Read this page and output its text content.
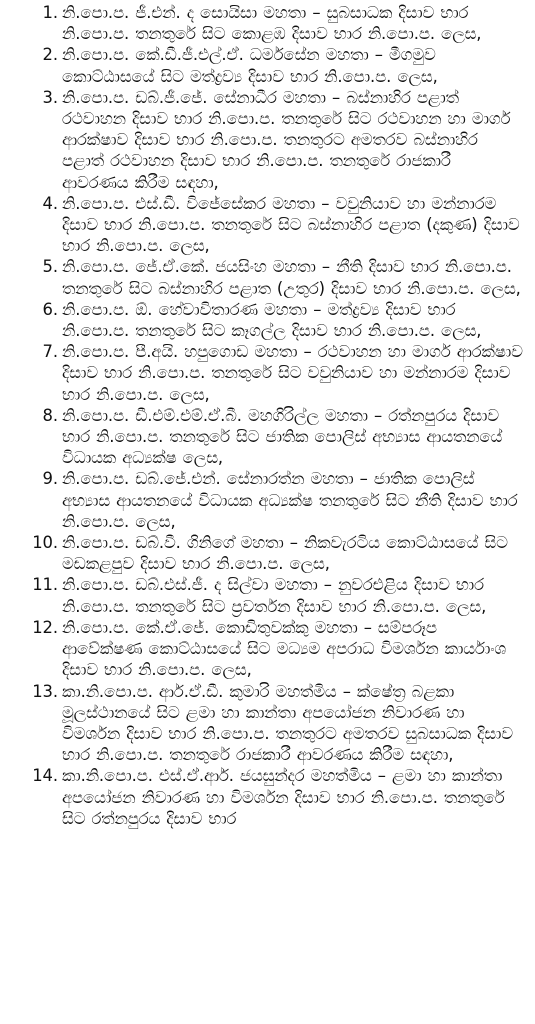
1. නි.පො.ප. ජී.එන්. ද සොයිසා මහතා – සුබසාධක දිසාව භාර නි.පො.ප. තනතුරේ සිට කොළඹ දිසාව භාර නි.පො.ප. ලෙස,
2. නි.පො.ප. කේ.ඩී.ජී.එල්.ඒ. ධර්මසේන මහතා – මීගමුව කොට්ඨාසයේ සිට මත්ද්‍රව්‍ය දිසාව භාර නි.පො.ප. ලෙස,
3. නි.පො.ප. ඩබ්.ජී.ජේ. සේනාධීර මහතා – බස්නාහිර පළාත් රථවාහන දිසාව භාර නි.පො.ප. තනතුරේ සිට රථවාහන හා මාර්ග ආරක්ෂාව දිසාව භාර නි.පො.ප. තනතුරට අමතරව බස්නාහිර පළාත් රථවාහන දිසාව භාර නි.පො.ප. තනතුරේ රාජකාරී ආවරණය කිරීම සඳහා,
4. නි.පො.ප. එස්.ඩී. විජේසේකර මහතා – වවුනියාව හා මන්නාරම දිසාව භාර නි.පො.ප. තනතුරේ සිට බස්නාහිර පළාත (දකුණ) දිසාව භාර නි.පො.ප. ලෙස,
5. නි.පො.ප. ජේ.ඒ.කේ. ජයසිංහ මහතා – නීති දිසාව භාර නි.පො.ප. තනතුරේ සිට බස්නාහිර පළාත (උතුර) දිසාව භාර නි.පො.ප. ලෙස,
6. නි.පො.ප. ඕ. හේවාවිතාරණ මහතා – මත්ද්‍රව්‍ය දිසාව භාර නි.පො.ප. තනතුරේ සිට කෑගල්ල දිසාව භාර නි.පො.ප. ලෙස,
7. නි.පො.ප. පී.අයි. හපුගොඩ මහතා – රථවාහන හා මාර්ග ආරක්ෂාව දිසාව භාර නි.පො.ප. තනතුරේ සිට වවුනියාව හා මන්නාරම දිසාව භාර නි.පො.ප. ලෙස,
8. නි.පො.ප. ඩී.එම්.එම්.ඒ.බී. මහගිරිල්ල මහතා – රත්නපුරය දිසාව භාර නි.පො.ප. තනතුරේ සිට ජාතික පොලිස් අභ්‍යාස ආයතනයේ විධායක අධ්‍යක්ෂ ලෙස,
9. නි.පො.ප. ඩබ්.ජේ.එන්. සේනාරත්න මහතා – ජාතික පොලිස් අභ්‍යාස ආයතනයේ විධායක අධ්‍යක්ෂ තනතුරේ සිට නීති දිසාව භාර නි.පො.ප. ලෙස,
10. නි.පො.ප. ඩබ්.වී. ගිනිගේ මහතා – නිකවැරටිය කොට්ඨාසයේ සිට මඩකළපුව දිසාව භාර නි.පො.ප. ලෙස,
11. නි.පො.ප. ඩබ්.එස්.ජී. ද සිල්වා මහතා – නුවරඑළිය දිසාව භාර නි.පො.ප. තනතුරේ සිට ප්‍රවර්තන දිසාව භාර නි.පො.ප. ලෙස,
12. නි.පො.ප. කේ.ඒ.ජේ. කොඩිතුවක්කු මහතා – සම්පරූප ආවේක්ෂණ කොට්ඨාසයේ සිට මධ්‍යම අපරාධ විමර්ශන කාර්යාංශ දිසාව භාර නි.පො.ප. ලෙස,
13. කා.නි.පො.ප. ආර්.ඒ.ඩී. කුමාරි මහත්මිය – ක්ෂේත්‍ර බළකා මූලස්ථානයේ සිට ළමා හා කාන්තා අපයෝජන නිවාරණ හා විමර්ශන දිසාව භාර නි.පො.ප. තනතුරට අමතරව සුබසාධක දිසාව භාර නි.පො.ප. තනතුරේ රාජකාරී ආවරණය කිරීම සඳහා,
14. කා.නි.පො.ප. එස්.ඒ.ආර්. ජයසුන්දර මහත්මිය – ළමා හා කාන්තා අපයෝජන නිවාරණ හා විමර්ශන දිසාව භාර නි.පො.ප. තනතුරේ සිට රත්නපුරය දිසාව භාර
